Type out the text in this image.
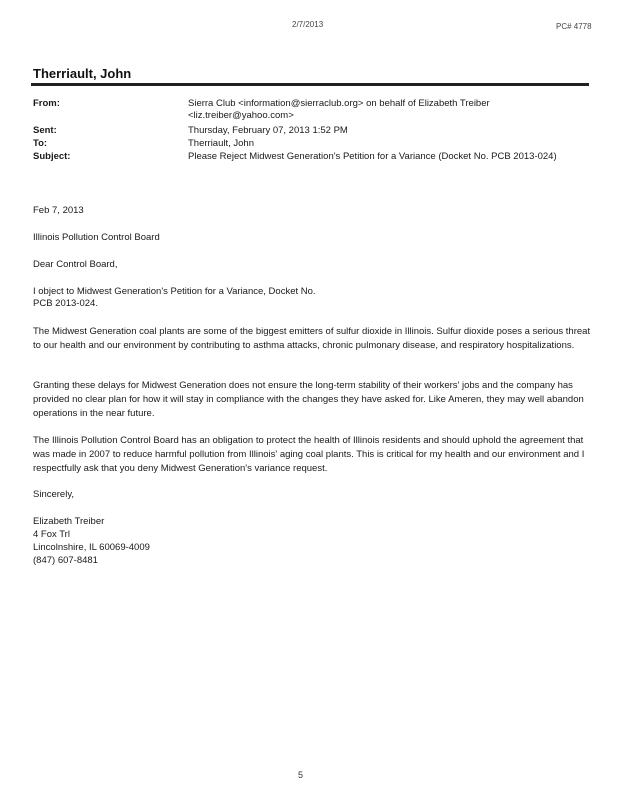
2/7/2013	PC# 4778
Therriault, John
From:	Sierra Club <information@sierraclub.org> on behalf of Elizabeth Treiber
<liz.treiber@yahoo.com>
Sent:	Thursday, February 07, 2013 1:52 PM
To:	Therriault, John
Subject:	Please Reject Midwest Generation's Petition for a Variance (Docket No. PCB 2013-024)
Feb 7, 2013
Illinois Pollution Control Board
Dear Control Board,
I object to Midwest Generation's Petition for a Variance, Docket No.
PCB 2013-024.

The Midwest Generation coal plants are some of the biggest emitters of sulfur dioxide in Illinois. Sulfur dioxide poses a serious threat to our health and our environment by contributing to asthma attacks, chronic pulmonary disease, and respiratory hospitalizations.

Granting these delays for Midwest Generation does not ensure the long-term stability of their workers' jobs and the company has provided no clear plan for how it will stay in compliance with the changes they have asked for. Like Ameren, they may well abandon operations in the near future.

The Illinois Pollution Control Board has an obligation to protect the health of Illinois residents and should uphold the agreement that was made in 2007 to reduce harmful pollution from Illinois' aging coal plants. This is critical for my health and our environment and I respectfully ask that you deny Midwest Generation's variance request.

Sincerely,
Elizabeth Treiber
4 Fox Trl
Lincolnshire, IL 60069-4009
(847) 607-8481
5
